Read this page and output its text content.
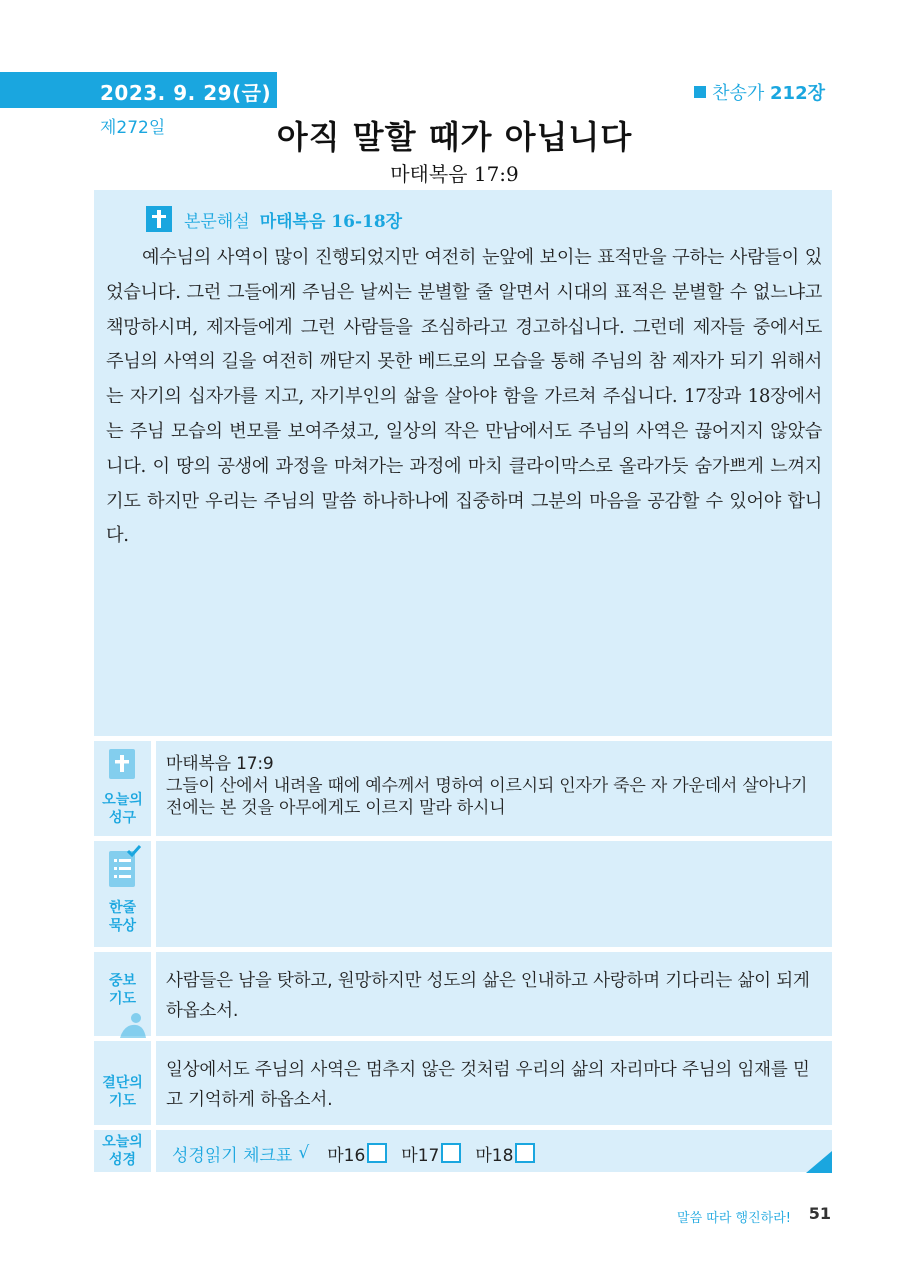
2023. 9. 29(금)
제272일
찬송가 212장
아직 말할 때가 아닙니다
마태복음 17:9
본문해설 마태복음 16-18장
예수님의 사역이 많이 진행되었지만 여전히 눈앞에 보이는 표적만을 구하는 사람들이 있었습니다. 그런 그들에게 주님은 날씨는 분별할 줄 알면서 시대의 표적은 분별할 수 없느냐고 책망하시며, 제자들에게 그런 사람들을 조심하라고 경고하십니다. 그런데 제자들 중에서도 주님의 사역의 길을 여전히 깨닫지 못한 베드로의 모습을 통해 주님의 참 제자가 되기 위해서는 자기의 십자가를 지고, 자기부인의 삶을 살아야 함을 가르쳐 주십니다. 17장과 18장에서는 주님 모습의 변모를 보여주셨고, 일상의 작은 만남에서도 주님의 사역은 끊어지지 않았습니다. 이 땅의 공생에 과정을 마쳐가는 과정에 마치 클라이막스로 올라가듯 숨가쁘게 느껴지기도 하지만 우리는 주님의 말씀 하나하나에 집중하며 그분의 마음을 공감할 수 있어야 합니다.
오늘의
성구
마태복음 17:9
그들이 산에서 내려올 때에 예수께서 명하여 이르시되 인자가 죽은 자 가운데서 살아나기 전에는 본 것을 아무에게도 이르지 말라 하시니
한줄
묵상
중보
기도
사람들은 남을 탓하고, 원망하지만 성도의 삶은 인내하고 사랑하며 기다리는 삶이 되게 하옵소서.
결단의
기도
일상에서도 주님의 사역은 멈추지 않은 것처럼 우리의 삶의 자리마다 주님의 임재를 믿고 기억하게 하옵소서.
오늘의
성경	성경읽기 체크표 √ 마16 마17 마18
말씀 따라 행진하라! 51
